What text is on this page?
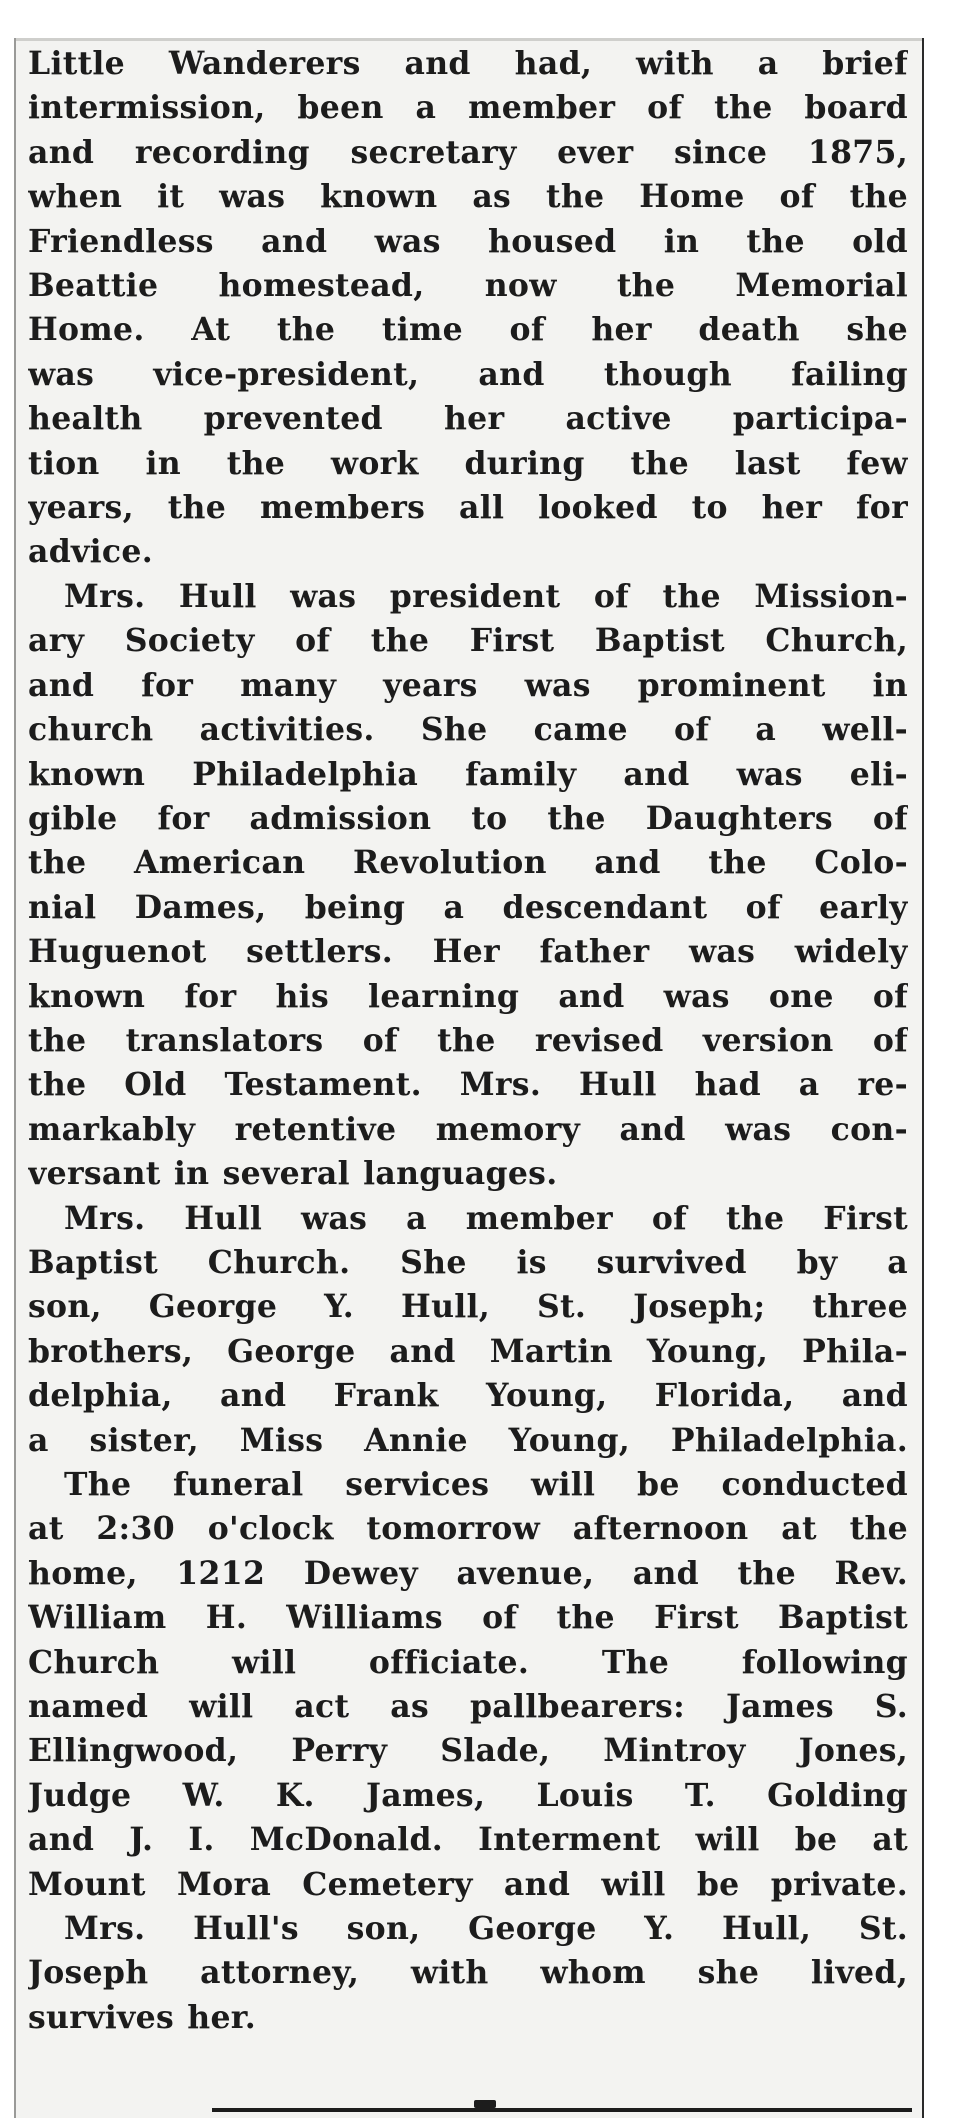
Little Wanderers and had, with a brief
intermission, been a member of the board
and recording secretary ever since 1875,
when it was known as the Home of the
Friendless and was housed in the old
Beattie homestead, now the Memorial
Home. At the time of her death she
was vice-president, and though failing
health prevented her active participa-
tion in the work during the last few
years, the members all looked to her for
advice.

Mrs. Hull was president of the Mission-
ary Society of the First Baptist Church,
and for many years was prominent in
church activities. She came of a well-
known Philadelphia family and was eli-
gible for admission to the Daughters of
the American Revolution and the Colo-
nial Dames, being a descendant of early
Huguenot settlers. Her father was widely
known for his learning and was one of
the translators of the revised version of
the Old Testament. Mrs. Hull had a re-
markably retentive memory and was con-
versant in several languages.

Mrs. Hull was a member of the First
Baptist Church. She is survived by a
son, George Y. Hull, St. Joseph; three
brothers, George and Martin Young, Phila-
delphia, and Frank Young, Florida, and
a sister, Miss Annie Young, Philadelphia.

The funeral services will be conducted
at 2:30 o'clock tomorrow afternoon at the
home, 1212 Dewey avenue, and the Rev.
William H. Williams of the First Baptist
Church will officiate. The following
named will act as pallbearers: James S.
Ellingwood, Perry Slade, Mintroy Jones,
Judge W. K. James, Louis T. Golding
and J. I. McDonald. Interment will be at
Mount Mora Cemetery and will be private.

Mrs. Hull's son, George Y. Hull, St.
Joseph attorney, with whom she lived,
survives her.
